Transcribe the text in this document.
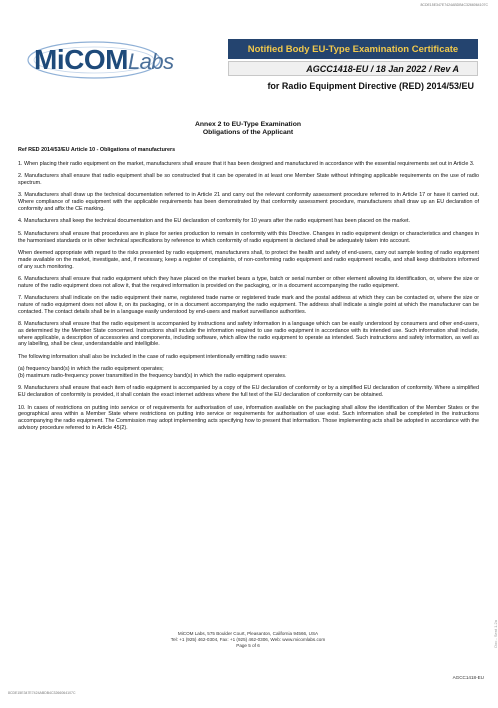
8CDE15E347E7424ABDB4C3266064107C
Doc - Sent 1.2a
MiCOMLabs	Notified Body EU-Type Examination Certificate
AGCC1418-EU / 18 Jan 2022 / Rev A
for Radio Equipment Directive (RED) 2014/53/EU
Annex 2 to EU-Type Examination
Obligations of the Applicant

Ref RED 2014/53/EU Article 10 - Obligations of manufacturers

1. When placing their radio equipment on the market, manufacturers shall ensure that it has been designed and manufactured in accordance with the essential requirements set out in Article 3.

2. Manufacturers shall ensure that radio equipment shall be so constructed that it can be operated in at least one Member State without infringing applicable requirements on the use of radio spectrum.

3. Manufacturers shall draw up the technical documentation referred to in Article 21 and carry out the relevant conformity assessment procedure referred to in Article 17 or have it carried out. Where compliance of radio equipment with the applicable requirements has been demonstrated by that conformity assessment procedure, manufacturers shall draw up an EU declaration of conformity and affix the CE marking.

4. Manufacturers shall keep the technical documentation and the EU declaration of conformity for 10 years after the radio equipment has been placed on the market.

5. Manufacturers shall ensure that procedures are in place for series production to remain in conformity with this Directive. Changes in radio equipment design or characteristics and changes in the harmonised standards or in other technical specifications by reference to which conformity of radio equipment is declared shall be adequately taken into account.

When deemed appropriate with regard to the risks presented by radio equipment, manufacturers shall, to protect the health and safety of end-users, carry out sample testing of radio equipment made available on the market, investigate, and, if necessary, keep a register of complaints, of non-conforming radio equipment and radio equipment recalls, and shall keep distributors informed of any such monitoring.

6. Manufacturers shall ensure that radio equipment which they have placed on the market bears a type, batch or serial number or other element allowing its identification, or, where the size or nature of the radio equipment does not allow it, that the required information is provided on the packaging, or in a document accompanying the radio equipment.

7. Manufacturers shall indicate on the radio equipment their name, registered trade name or registered trade mark and the postal address at which they can be contacted or, where the size or nature of radio equipment does not allow it, on its packaging, or in a document accompanying the radio equipment. The address shall indicate a single point at which the manufacturer can be contacted. The contact details shall be in a language easily understood by end-users and market surveillance authorities.

8. Manufacturers shall ensure that the radio equipment is accompanied by instructions and safety information in a language which can be easily understood by consumers and other end-users, as determined by the Member State concerned. Instructions shall include the information required to use radio equipment in accordance with its intended use. Such information shall include, where applicable, a description of accessories and components, including software, which allow the radio equipment to operate as intended. Such instructions and safety information, as well as any labelling, shall be clear, understandable and intelligible.

The following information shall also be included in the case of radio equipment intentionally emitting radio waves:

(a) frequency band(s) in which the radio equipment operates;

(b) maximum radio-frequency power transmitted in the frequency band(s) in which the radio equipment operates.

9. Manufacturers shall ensure that each item of radio equipment is accompanied by a copy of the EU declaration of conformity or by a simplified EU declaration of conformity. Where a simplified EU declaration of conformity is provided, it shall contain the exact internet address where the full text of the EU declaration of conformity can be obtained.

10. In cases of restrictions on putting into service or of requirements for authorisation of use, information available on the packaging shall allow the identification of the Member States or the geographical area within a Member State where restrictions on putting into service or requirements for authorisation of use exist. Such information shall be completed in the instructions accompanying the radio equipment. The Commission may adopt implementing acts specifying how to present that information. Those implementing acts shall be adopted in accordance with the advisory procedure referred to in Article 45(2).

MiCOM Labs, 575 Boulder Court, Pleasanton, California 94566, USA
Tel: +1 (925) 462-0304, Fax: +1 (925) 462-0306, Web: www.micomlabs.com
Page 5 of 6
AGCC1418-EU
8CDE15E347E7424ABDB4C3266064107C
